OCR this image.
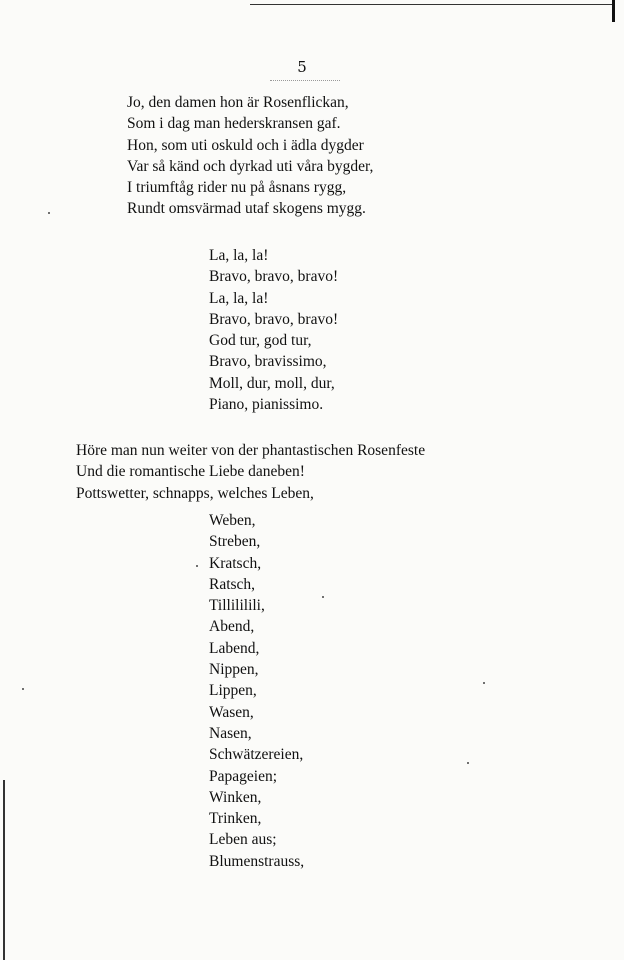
5
Jo, den damen hon är Rosenflickan,
Som i dag man hederskransen gaf.
Hon, som uti oskuld och i ädla dygder
Var så känd och dyrkad uti våra bygder,
I triumftåg rider nu på åsnans rygg,
Rundt omsvärmad utaf skogens mygg.
La, la, la!
Bravo, bravo, bravo!
La, la, la!
Bravo, bravo, bravo!
God tur, god tur,
Bravo, bravissimo,
Moll, dur, moll, dur,
Piano, pianissimo.
Höre man nun weiter von der phantastischen Rosenfeste
Und die romantische Liebe daneben!
Pottswetter, schnapps, welches Leben,
Weben,
Streben,
Kratsch,
Ratsch,
Tillililili,
Abend,
Labend,
Nippen,
Lippen,
Wasen,
Nasen,
Schwätzereien,
Papageien;
Winken,
Trinken,
Leben aus;
Blumenstrauss,
